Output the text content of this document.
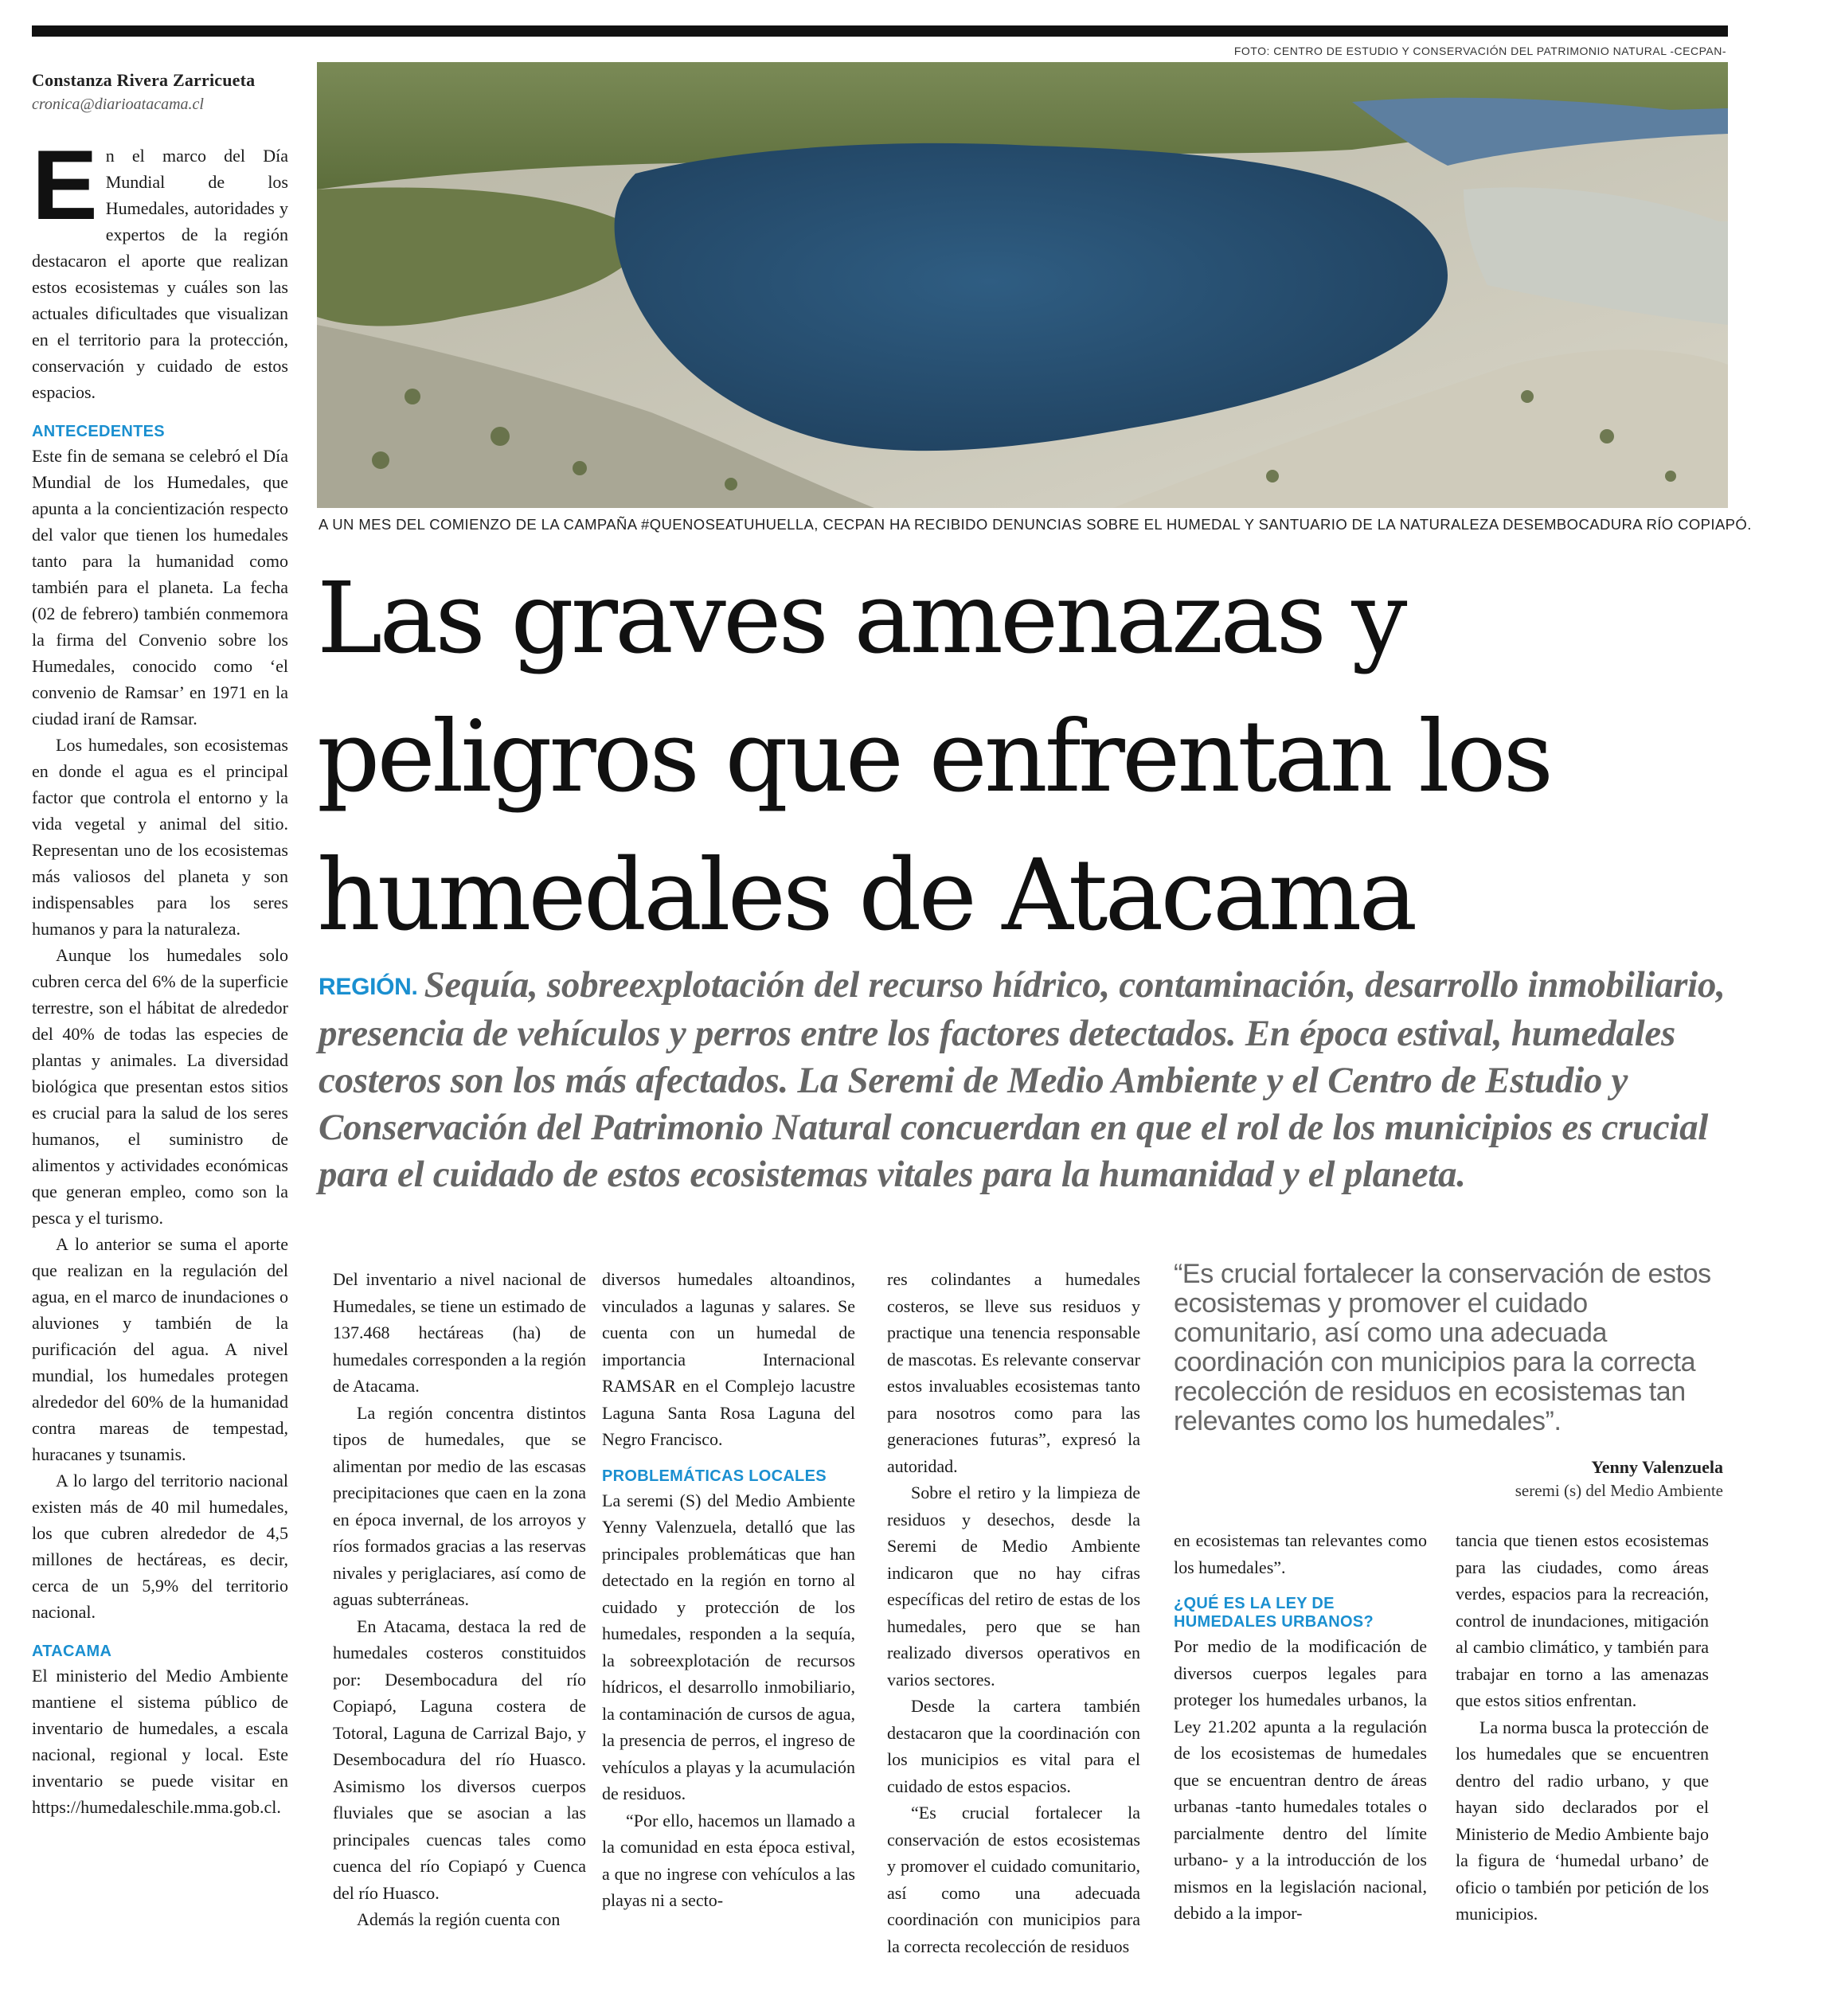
FOTO: CENTRO DE ESTUDIO Y CONSERVACIÓN DEL PATRIMONIO NATURAL -CECPAN-
A UN MES DEL COMIENZO DE LA CAMPAÑA #QUENOSEATUHUELLA, CECPAN HA RECIBIDO DENUNCIAS SOBRE EL HUMEDAL Y SANTUARIO DE LA NATURALEZA DESEMBOCADURA RÍO COPIAPÓ.
Constanza Rivera Zarricueta
cronica@diarioatacama.cl
E n el marco del Día Mundial de los Humedales, autoridades y expertos de la región destacaron el aporte que realizan estos ecosistemas y cuáles son las actuales dificultades que visualizan en el territorio para la protección, conservación y cuidado de estos espacios.

ANTECEDENTES

Este fin de semana se celebró el Día Mundial de los Humedales, que apunta a la concientización respecto del valor que tienen los humedales tanto para la humanidad como también para el planeta. La fecha (02 de febrero) también conmemora la firma del Convenio sobre los Humedales, conocido como ‘el convenio de Ramsar’ en 1971 en la ciudad iraní de Ramsar.

Los humedales, son ecosistemas en donde el agua es el principal factor que controla el entorno y la vida vegetal y animal del sitio. Representan uno de los ecosistemas más valiosos del planeta y son indispensables para los seres humanos y para la naturaleza.

Aunque los humedales solo cubren cerca del 6% de la superficie terrestre, son el hábitat de alrededor del 40% de todas las especies de plantas y animales. La diversidad biológica que presentan estos sitios es crucial para la salud de los seres humanos, el suministro de alimentos y actividades económicas que generan empleo, como son la pesca y el turismo.

A lo anterior se suma el aporte que realizan en la regulación del agua, en el marco de inundaciones o aluviones y también de la purificación del agua. A nivel mundial, los humedales protegen alrededor del 60% de la humanidad contra mareas de tempestad, huracanes y tsunamis.

A lo largo del territorio nacional existen más de 40 mil humedales, los que cubren alrededor de 4,5 millones de hectáreas, es decir, cerca de un 5,9% del territorio nacional.

ATACAMA

El ministerio del Medio Ambiente mantiene el sistema público de inventario de humedales, a escala nacional, regional y local. Este inventario se puede visitar en https://humedaleschile.mma.gob.cl.

Las graves amenazas y peligros que enfrentan los humedales de Atacama
REGIÓN. Sequía, sobreexplotación del recurso hídrico, contaminación, desarrollo inmobiliario, presencia de vehículos y perros entre los factores detectados. En época estival, humedales costeros son los más afectados. La Seremi de Medio Ambiente y el Centro de Estudio y Conservación del Patrimonio Natural concuerdan en que el rol de los municipios es crucial para el cuidado de estos ecosistemas vitales para la humanidad y el planeta.

Del inventario a nivel nacional de Humedales, se tiene un estimado de 137.468 hectáreas (ha) de humedales corresponden a la región de Atacama.

La región concentra distintos tipos de humedales, que se alimentan por medio de las escasas precipitaciones que caen en la zona en época invernal, de los arroyos y ríos formados gracias a las reservas nivales y periglaciares, así como de aguas subterráneas.

En Atacama, destaca la red de humedales costeros constituidos por: Desembocadura del río Copiapó, Laguna costera de Totoral, Laguna de Carrizal Bajo, y Desembocadura del río Huasco. Asimismo los diversos cuerpos fluviales que se asocian a las principales cuencas tales como cuenca del río Copiapó y Cuenca del río Huasco.

Además la región cuenta con

diversos humedales altoandinos, vinculados a lagunas y salares. Se cuenta con un humedal de importancia Internacional RAMSAR en el Complejo lacustre Laguna Santa Rosa Laguna del Negro Francisco.

PROBLEMÁTICAS LOCALES

La seremi (S) del Medio Ambiente Yenny Valenzuela, detalló que las principales problemáticas que han detectado en la región en torno al cuidado y protección de los humedales, responden a la sequía, la sobreexplotación de recursos hídricos, el desarrollo inmobiliario, la contaminación de cursos de agua, la presencia de perros, el ingreso de vehículos a playas y la acumulación de residuos.

“Por ello, hacemos un llamado a la comunidad en esta época estival, a que no ingrese con vehículos a las playas ni a secto-

res colindantes a humedales costeros, se lleve sus residuos y practique una tenencia responsable de mascotas. Es relevante conservar estos invaluables ecosistemas tanto para nosotros como para las generaciones futuras”, expresó la autoridad.

Sobre el retiro y la limpieza de residuos y desechos, desde la Seremi de Medio Ambiente indicaron que no hay cifras específicas del retiro de estas de los humedales, pero que se han realizado diversos operativos en varios sectores.

Desde la cartera también destacaron que la coordinación con los municipios es vital para el cuidado de estos espacios.

“Es crucial fortalecer la conservación de estos ecosistemas y promover el cuidado comunitario, así como una adecuada coordinación con municipios para la correcta recolección de residuos

“Es crucial fortalecer la conservación de estos ecosistemas y promover el cuidado comunitario, así como una adecuada coordinación con municipios para la correcta recolección de residuos en ecosistemas tan relevantes como los humedales”.
Yenny Valenzuela
seremi (s) del Medio Ambiente

en ecosistemas tan relevantes como los humedales”.

¿QUÉ ES LA LEY DE HUMEDALES URBANOS?

Por medio de la modificación de diversos cuerpos legales para proteger los humedales urbanos, la Ley 21.202 apunta a la regulación de los ecosistemas de humedales que se encuentran dentro de áreas urbanas -tanto humedales totales o parcialmente dentro del límite urbano- y a la introducción de los mismos en la legislación nacional, debido a la impor-

tancia que tienen estos ecosistemas para las ciudades, como áreas verdes, espacios para la recreación, control de inundaciones, mitigación al cambio climático, y también para trabajar en torno a las amenazas que estos sitios enfrentan.

La norma busca la protección de los humedales que se encuentren dentro del radio urbano, y que hayan sido declarados por el Ministerio de Medio Ambiente bajo la figura de ‘humedal urbano’ de oficio o también por petición de los municipios.
